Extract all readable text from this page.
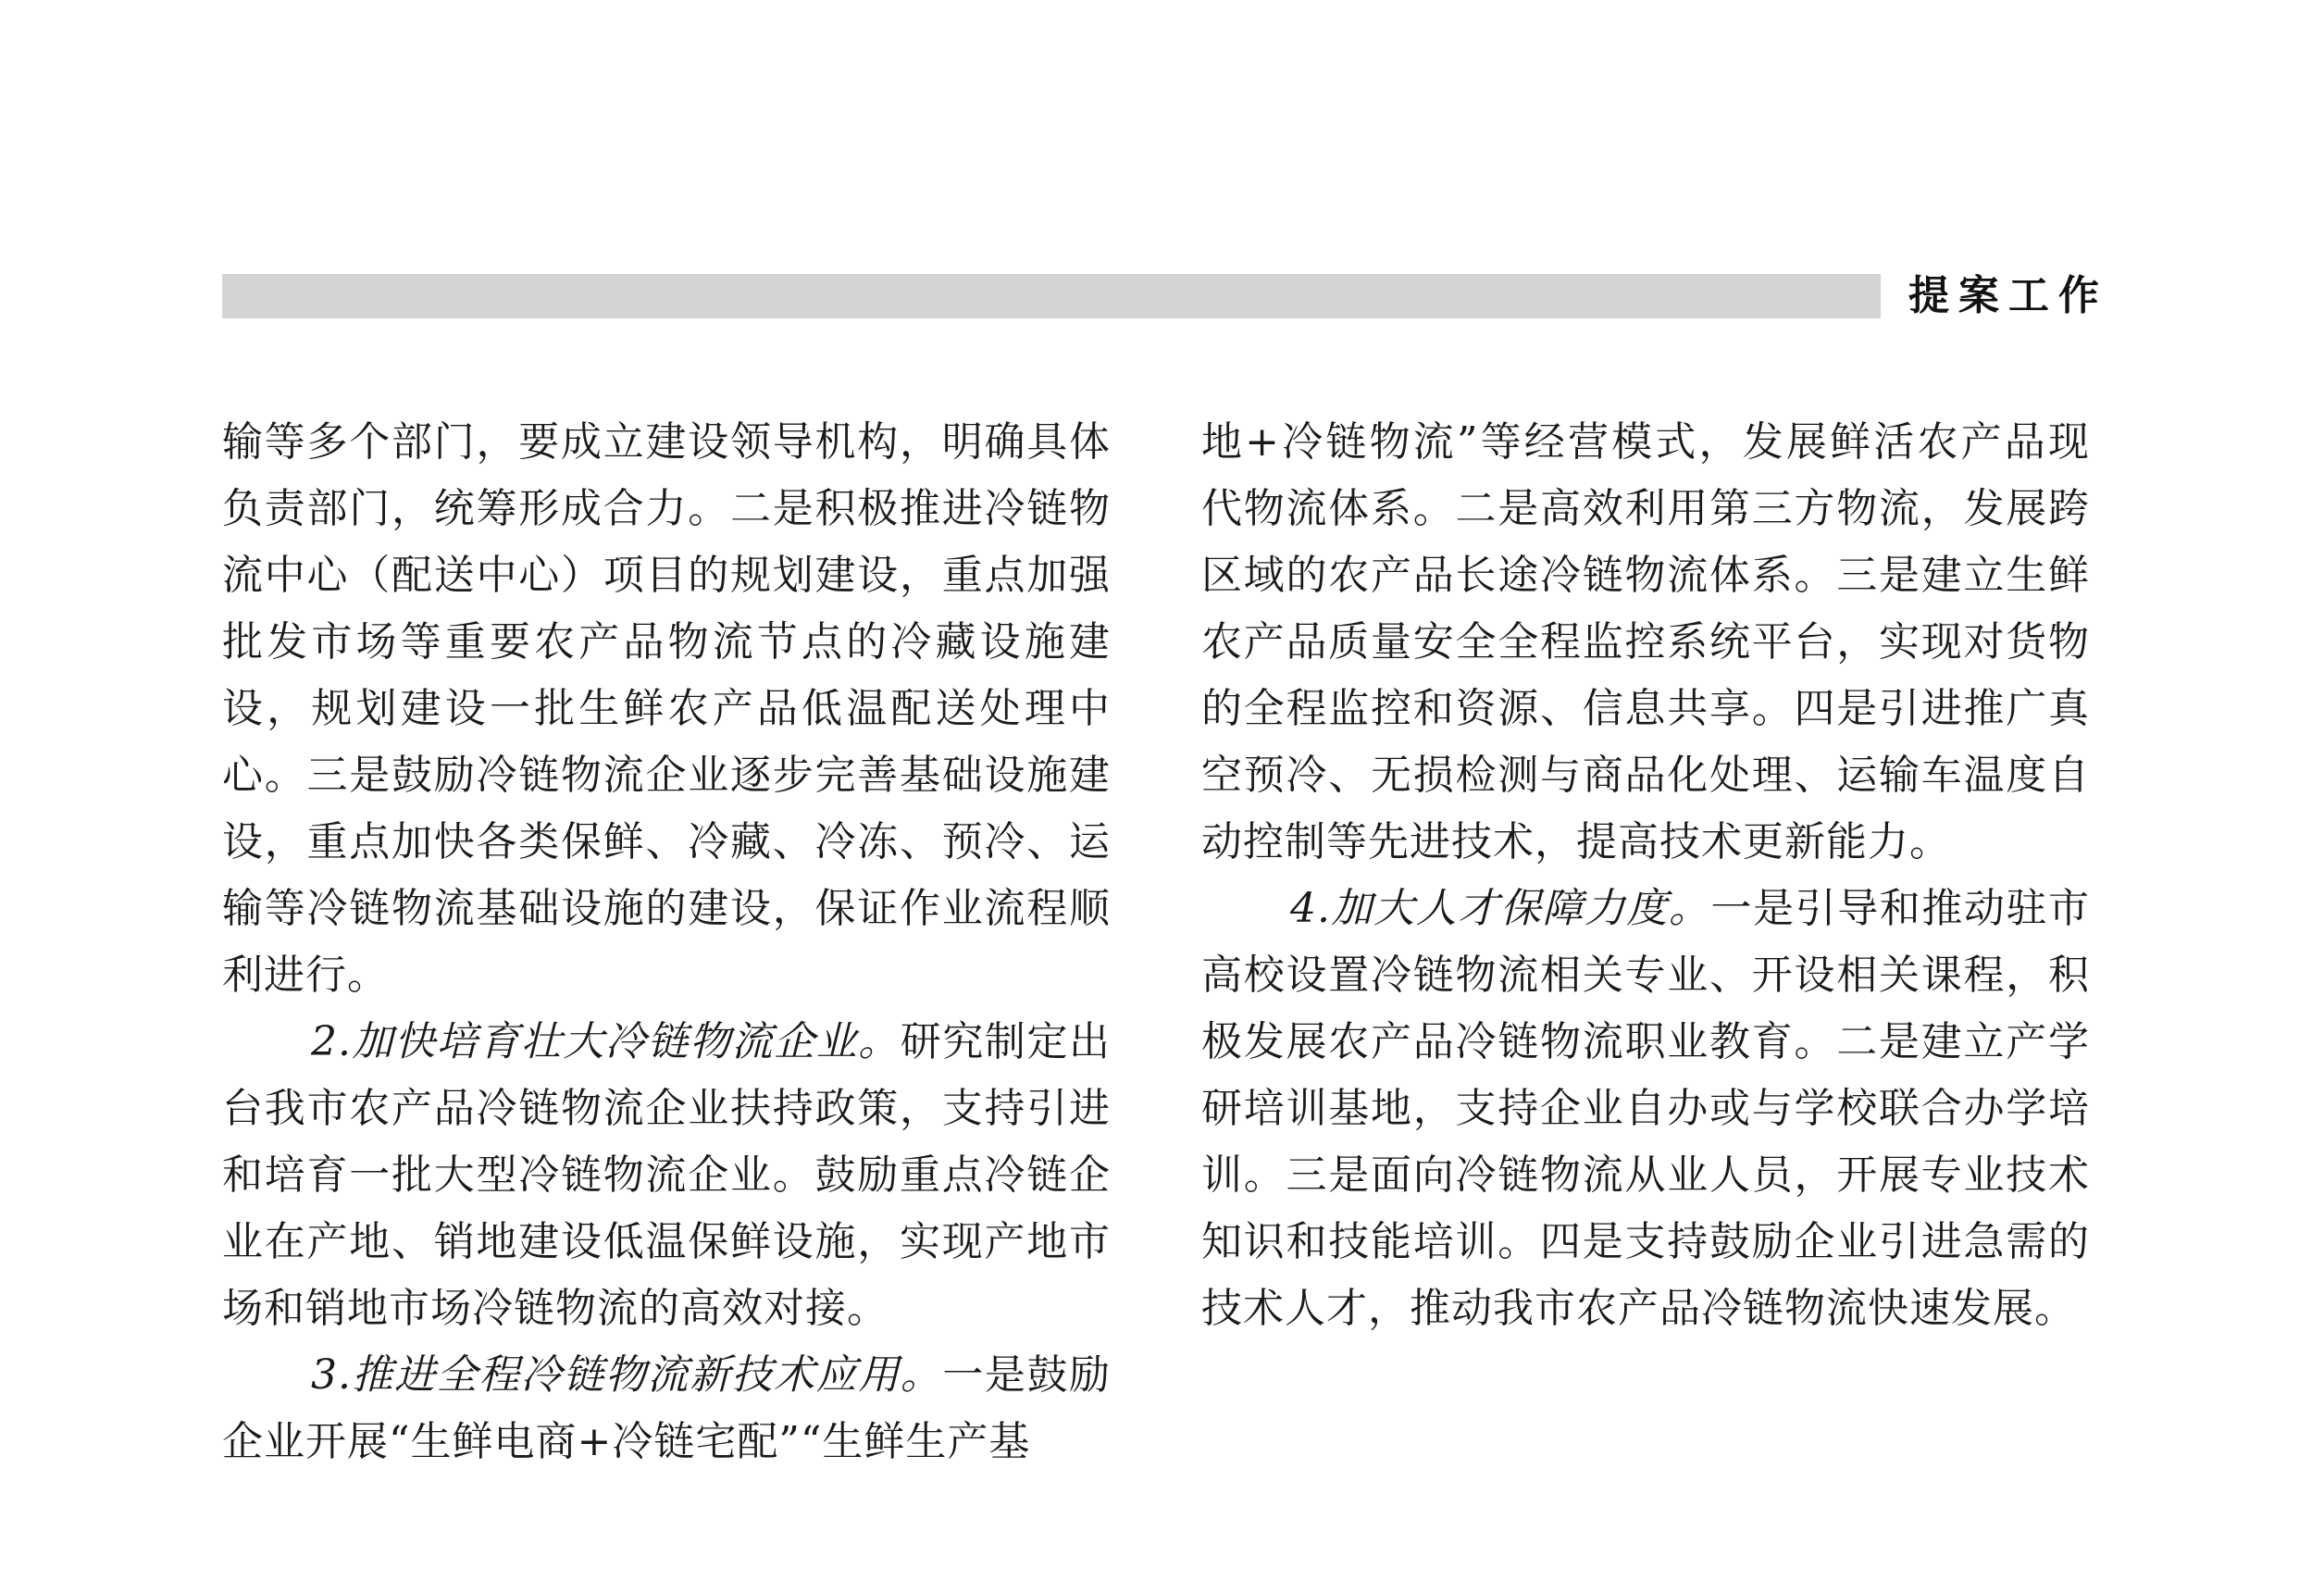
提案工作

输等多个部门，要成立建设领导机构，明确具体负责部门，统筹形成合力。二是积极推进冷链物流中心（配送中心）项目的规划建设，重点加强批发市场等重要农产品物流节点的冷藏设施建设，规划建设一批生鲜农产品低温配送处理中心。三是鼓励冷链物流企业逐步完善基础设施建设，重点加快各类保鲜、冷藏、冷冻、预冷、运输等冷链物流基础设施的建设，保证作业流程顺利进行。

2.加快培育壮大冷链物流企业。研究制定出台我市农产品冷链物流企业扶持政策，支持引进和培育一批大型冷链物流企业。鼓励重点冷链企业在产地、销地建设低温保鲜设施，实现产地市场和销地市场冷链物流的高效对接。

3.推进全程冷链物流新技术应用。一是鼓励企业开展“生鲜电商+冷链宅配”“生鲜生产基

地+冷链物流”等经营模式，发展鲜活农产品现代物流体系。二是高效利用第三方物流，发展跨区域的农产品长途冷链物流体系。三是建立生鲜农产品质量安全全程监控系统平台，实现对货物的全程监控和资源、信息共享。四是引进推广真空预冷、无损检测与商品化处理、运输车温度自动控制等先进技术，提高技术更新能力。

4.加大人才保障力度。一是引导和推动驻市高校设置冷链物流相关专业、开设相关课程，积极发展农产品冷链物流职业教育。二是建立产学研培训基地，支持企业自办或与学校联合办学培训。三是面向冷链物流从业人员，开展专业技术知识和技能培训。四是支持鼓励企业引进急需的技术人才，推动我市农产品冷链物流快速发展。
